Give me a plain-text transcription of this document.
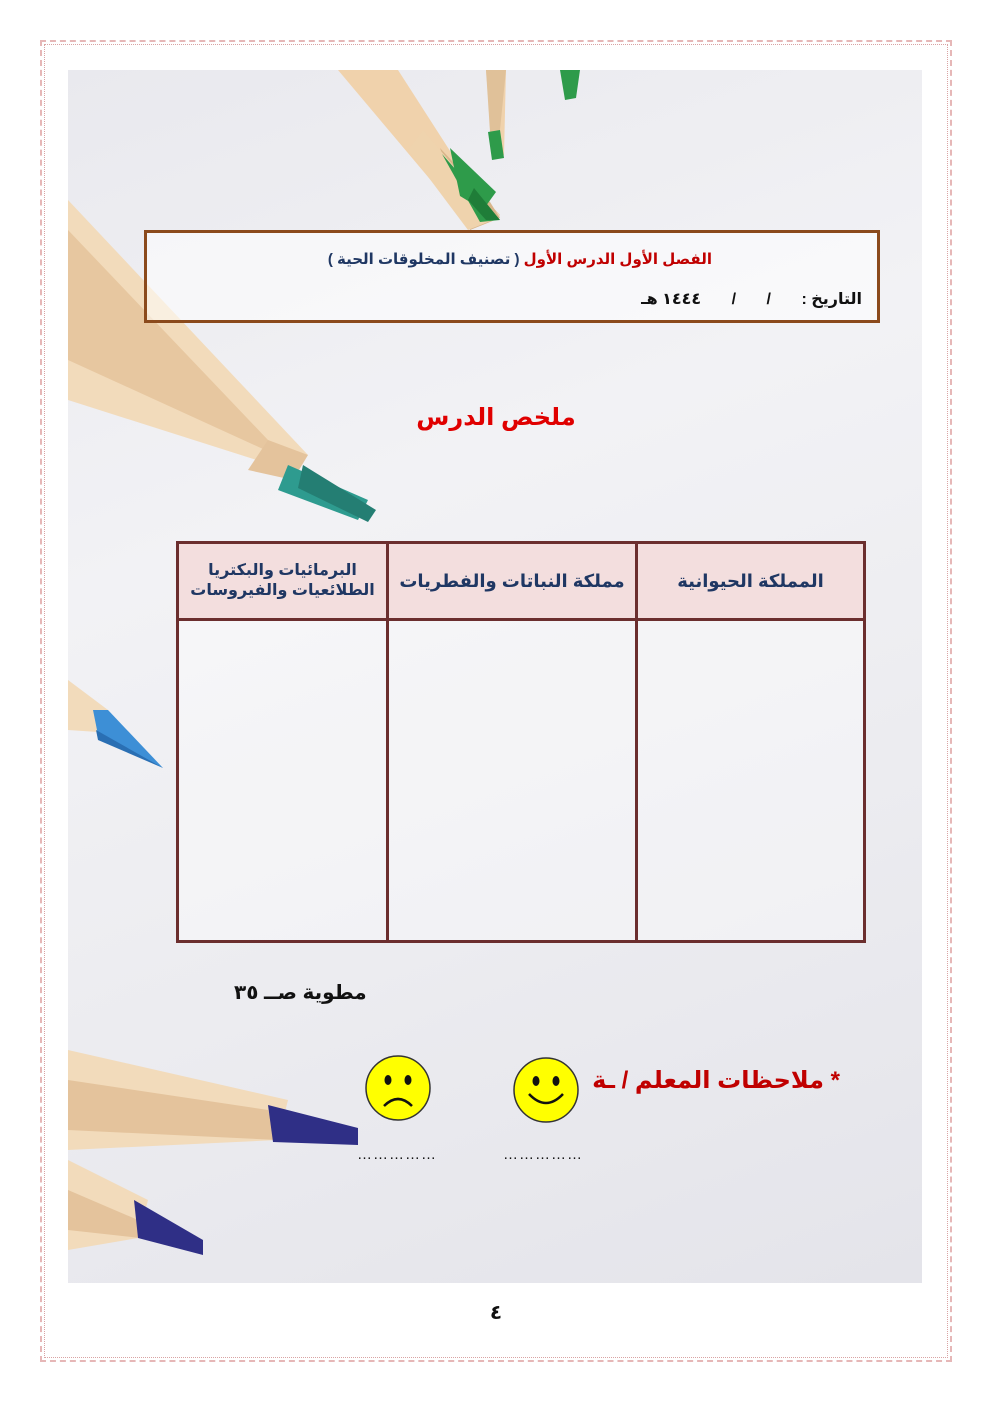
الفصل الأول الدرس الأول ( تصنيف المخلوقات الحية )
التاريخ : / / ١٤٤٤ هـ
ملخص الدرس
المملكة الحيوانية	مملكة النباتات والفطريات	البرمائيات والبكتريا
الطلائعيات والفيروسات

مطوية صــ ٣٥
* ملاحظات المعلم / ـة
……………
……………
٤
